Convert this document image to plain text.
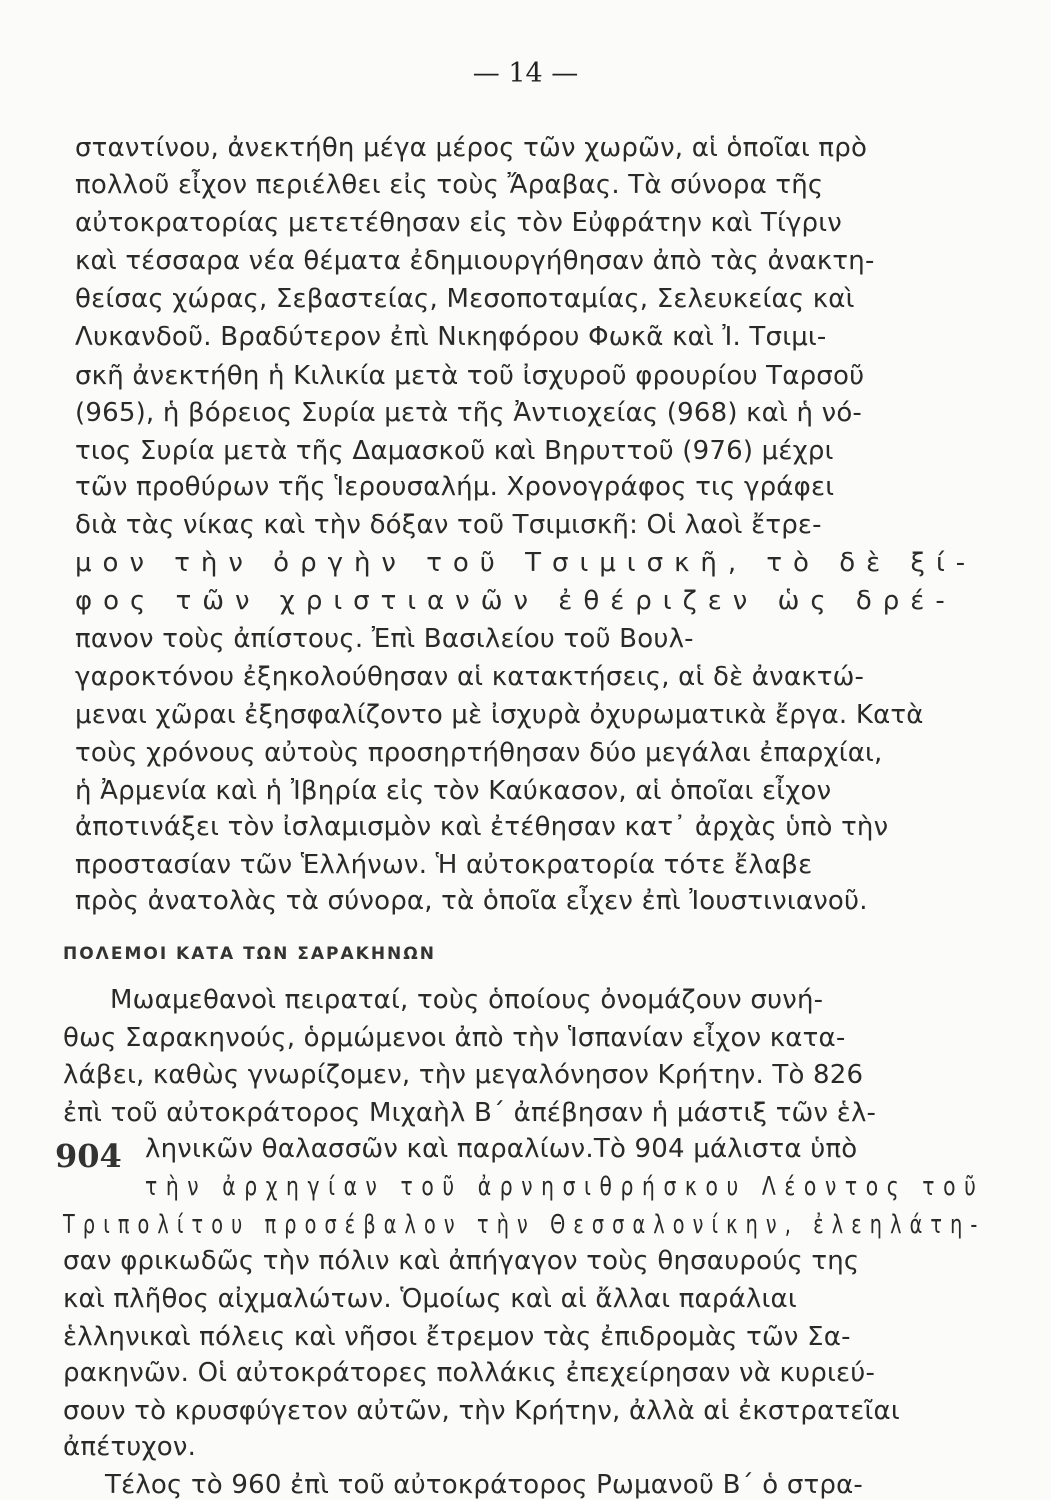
— 14 —
σταντίνου, ἀνεκτήθη μέγα μέρος τῶν χωρῶν, αἱ ὁποῖαι πρὸ
πολλοῦ εἶχον περιέλθει εἰς τοὺς Ἄραβας. Τὰ σύνορα τῆς
αὐτοκρατορίας μετετέθησαν εἰς τὸν Εὐφράτην καὶ Τίγριν
καὶ τέσσαρα νέα θέματα ἐδημιουργήθησαν ἀπὸ τὰς ἀνακτη-
θείσας χώρας, Σεβαστείας, Μεσοποταμίας, Σελευκείας καὶ
Λυκανδοῦ. Βραδύτερον ἐπὶ Νικηφόρου Φωκᾶ καὶ Ἰ. Τσιμι-
σκῆ ἀνεκτήθη ἡ Κιλικία μετὰ τοῦ ἰσχυροῦ φρουρίου Ταρσοῦ
(965), ἡ βόρειος Συρία μετὰ τῆς Ἀντιοχείας (968) καὶ ἡ νό-
τιος Συρία μετὰ τῆς Δαμασκοῦ καὶ Βηρυττοῦ (976) μέχρι
τῶν προθύρων τῆς Ἱερουσαλήμ. Χρονογράφος τις γράφει
διὰ τὰς νίκας καὶ τὴν δόξαν τοῦ Τσιμισκῆ: Οἱ λαοὶ ἔτρε-
μον τὴν ὀργὴν τοῦ Τσιμισκῆ, τὸ δὲ ξί-
φος τῶν χριστιανῶν ἐθέριζεν ὡς δρέ-
πανον τοὺς ἀπίστους. Ἐπὶ Βασιλείου τοῦ Βουλ-
γαροκτόνου ἐξηκολούθησαν αἱ κατακτήσεις, αἱ δὲ ἀνακτώ-
μεναι χῶραι ἐξησφαλίζοντο μὲ ἰσχυρὰ ὀχυρωματικὰ ἔργα. Κατὰ
τοὺς χρόνους αὐτοὺς προσηρτήθησαν δύο μεγάλαι ἐπαρχίαι,
ἡ Ἀρμενία καὶ ἡ Ἰβηρία εἰς τὸν Καύκασον, αἱ ὁποῖαι εἶχον
ἀποτινάξει τὸν ἰσλαμισμὸν καὶ ἐτέθησαν κατ᾽ ἀρχὰς ὑπὸ τὴν
προστασίαν τῶν Ἑλλήνων. Ἡ αὐτοκρατορία τότε ἔλαβε
πρὸς ἀνατολὰς τὰ σύνορα, τὰ ὁποῖα εἶχεν ἐπὶ Ἰουστινιανοῦ.
ΠΟΛΕΜΟΙ ΚΑΤΑ ΤΩΝ ΣΑΡΑΚΗΝΩΝ
904
Μωαμεθανοὶ πειραταί, τοὺς ὁποίους ὀνομάζουν συνή-
θως Σαρακηνούς, ὁρμώμενοι ἀπὸ τὴν Ἱσπανίαν εἶχον κατα-
λάβει, καθὼς γνωρίζομεν, τὴν μεγαλόνησον Κρήτην. Τὸ 826
ἐπὶ τοῦ αὐτοκράτορος Μιχαὴλ Β´ ἀπέβησαν ἡ μάστιξ τῶν ἑλ-
ληνικῶν θαλασσῶν καὶ παραλίων.Τὸ 904 μάλιστα ὑπὸ
τὴν ἀρχηγίαν τοῦ ἀρνησιθρήσκου Λέοντος τοῦ
Τριπολίτου προσέβαλον τὴν Θεσσαλονίκην, ἐλεηλάτη-
σαν φρικωδῶς τὴν πόλιν καὶ ἀπήγαγον τοὺς θησαυρούς της
καὶ πλῆθος αἰχμαλώτων. Ὁμοίως καὶ αἱ ἄλλαι παράλιαι
ἑλληνικαὶ πόλεις καὶ νῆσοι ἔτρεμον τὰς ἐπιδρομὰς τῶν Σα-
ρακηνῶν. Οἱ αὐτοκράτορες πολλάκις ἐπεχείρησαν νὰ κυριεύ-
σουν τὸ κρυσφύγετον αὐτῶν, τὴν Κρήτην, ἀλλὰ αἱ ἐκστρατεῖαι
ἀπέτυχον.
Τέλος τὸ 960 ἐπὶ τοῦ αὐτοκράτορος Ρωμανοῦ Β´ ὁ στρα-
